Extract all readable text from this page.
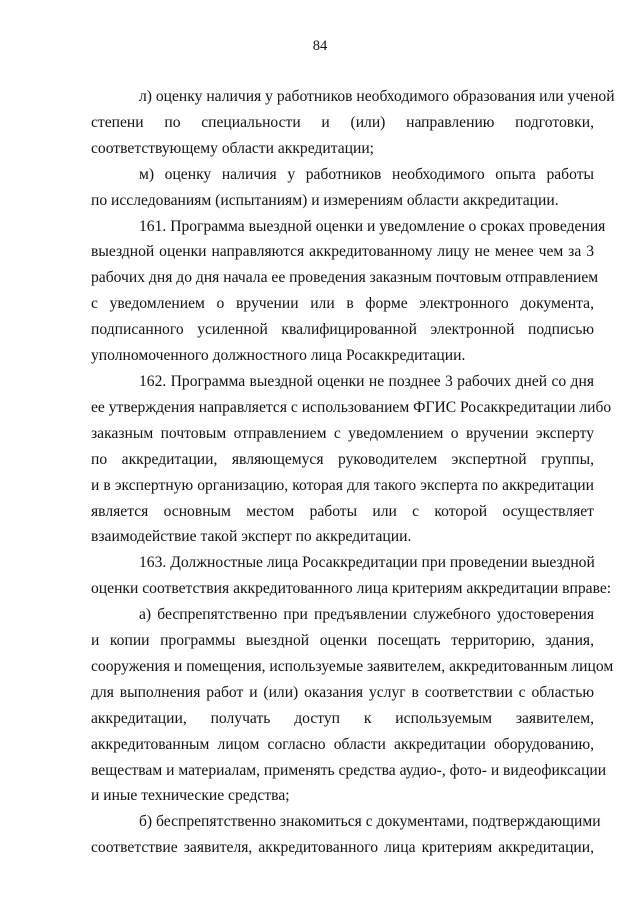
84
л) оценку наличия у работников необходимого образования или ученой
степени по специальности и (или) направлению подготовки,
соответствующему области аккредитации;
м) оценку наличия у работников необходимого опыта работы
по исследованиям (испытаниям) и измерениям области аккредитации.
161. Программа выездной оценки и уведомление о сроках проведения
выездной оценки направляются аккредитованному лицу не менее чем за 3
рабочих дня до дня начала ее проведения заказным почтовым отправлением
с уведомлением о вручении или в форме электронного документа,
подписанного усиленной квалифицированной электронной подписью
уполномоченного должностного лица Росаккредитации.
162. Программа выездной оценки не позднее 3 рабочих дней со дня
ее утверждения направляется с использованием ФГИС Росаккредитации либо
заказным почтовым отправлением с уведомлением о вручении эксперту
по аккредитации, являющемуся руководителем экспертной группы,
и в экспертную организацию, которая для такого эксперта по аккредитации
является основным местом работы или с которой осуществляет
взаимодействие такой эксперт по аккредитации.
163. Должностные лица Росаккредитации при проведении выездной
оценки соответствия аккредитованного лица критериям аккредитации вправе:
а) беспрепятственно при предъявлении служебного удостоверения
и копии программы выездной оценки посещать территорию, здания,
сооружения и помещения, используемые заявителем, аккредитованным лицом
для выполнения работ и (или) оказания услуг в соответствии с областью
аккредитации, получать доступ к используемым заявителем,
аккредитованным лицом согласно области аккредитации оборудованию,
веществам и материалам, применять средства аудио-, фото- и видеофиксации
и иные технические средства;
б) беспрепятственно знакомиться с документами, подтверждающими
соответствие заявителя, аккредитованного лица критериям аккредитации,
